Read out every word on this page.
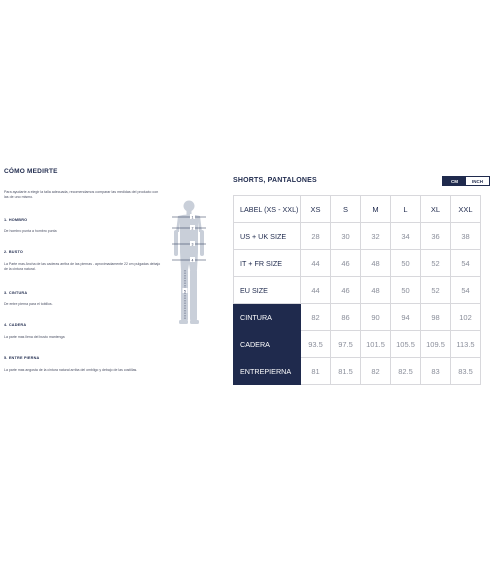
CÓMO MEDIRTE
Para ayudarte a elegir la talla adecuada, recomendamos comparar las medidas del producto con las de uno mismo.
1. HOMBRO
De hombro punta a hombro punta
2. BUSTO
La Parte mas Ancha de las caderas arriba de las piernas - aproximadamente 22 cm pulgadas debajo de la cintura natural.
3. CINTURA
De entre pierna para el tobillos.
4. CADERA
La parte mas llena del busto mantenga
5. ENTRE PIERNA
La parte mas angosta de la cintura natural arriba del ombligo y debajo de las costillas.
1
2
3
4
5
SHORTS, PANTALONES	CM	INCH
LABEL (XS - XXL)	XS	S	M	L	XL	XXL
US + UK SIZE	28	30	32	34	36	38
IT + FR SIZE	44	46	48	50	52	54
EU SIZE	44	46	48	50	52	54
CINTURA	82	86	90	94	98	102
CADERA	93.5	97.5	101.5	105.5	109.5	113.5
ENTREPIERNA	81	81.5	82	82.5	83	83.5
